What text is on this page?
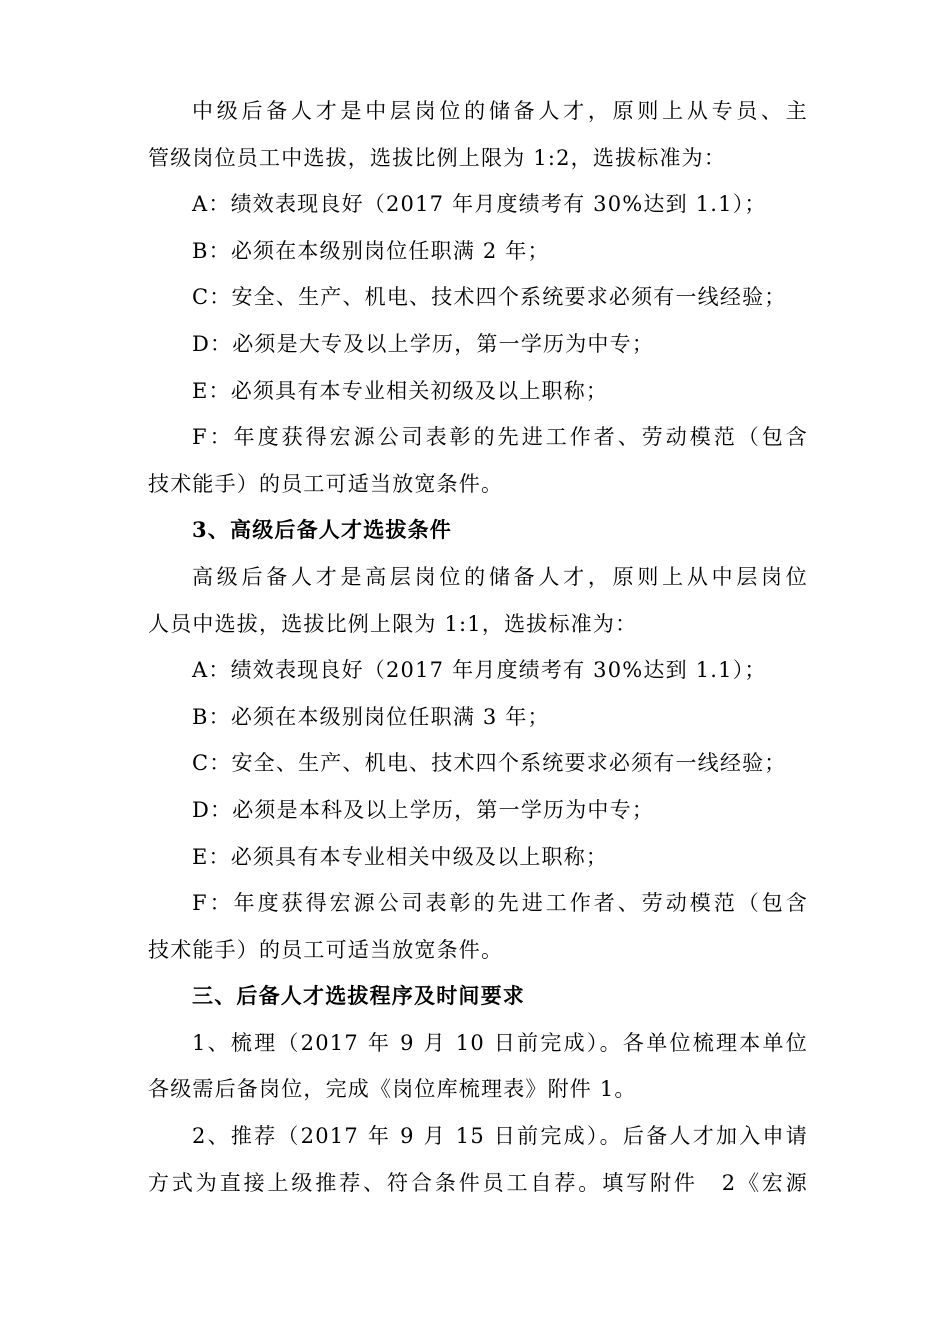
中级后备人才是中层岗位的储备人才，原则上从专员、主
管级岗位员工中选拔，选拔比例上限为 1:2，选拔标准为：
A：绩效表现良好（2017 年月度绩考有 30%达到 1.1）；
B：必须在本级别岗位任职满 2 年；
C：安全、生产、机电、技术四个系统要求必须有一线经验；
D：必须是大专及以上学历，第一学历为中专；
E：必须具有本专业相关初级及以上职称；
F：年度获得宏源公司表彰的先进工作者、劳动模范（包含
技术能手）的员工可适当放宽条件。
3、高级后备人才选拔条件
高级后备人才是高层岗位的储备人才，原则上从中层岗位
人员中选拔，选拔比例上限为 1:1，选拔标准为：
A：绩效表现良好（2017 年月度绩考有 30%达到 1.1）；
B：必须在本级别岗位任职满 3 年；
C：安全、生产、机电、技术四个系统要求必须有一线经验；
D：必须是本科及以上学历，第一学历为中专；
E：必须具有本专业相关中级及以上职称；
F：年度获得宏源公司表彰的先进工作者、劳动模范（包含
技术能手）的员工可适当放宽条件。
三、后备人才选拔程序及时间要求
1、梳理（2017 年 9 月 10 日前完成）。各单位梳理本单位
各级需后备岗位，完成《岗位库梳理表》附件 1。
2、推荐（2017 年 9 月 15 日前完成）。后备人才加入申请
方式为直接上级推荐、符合条件员工自荐。填写附件　2《宏源
